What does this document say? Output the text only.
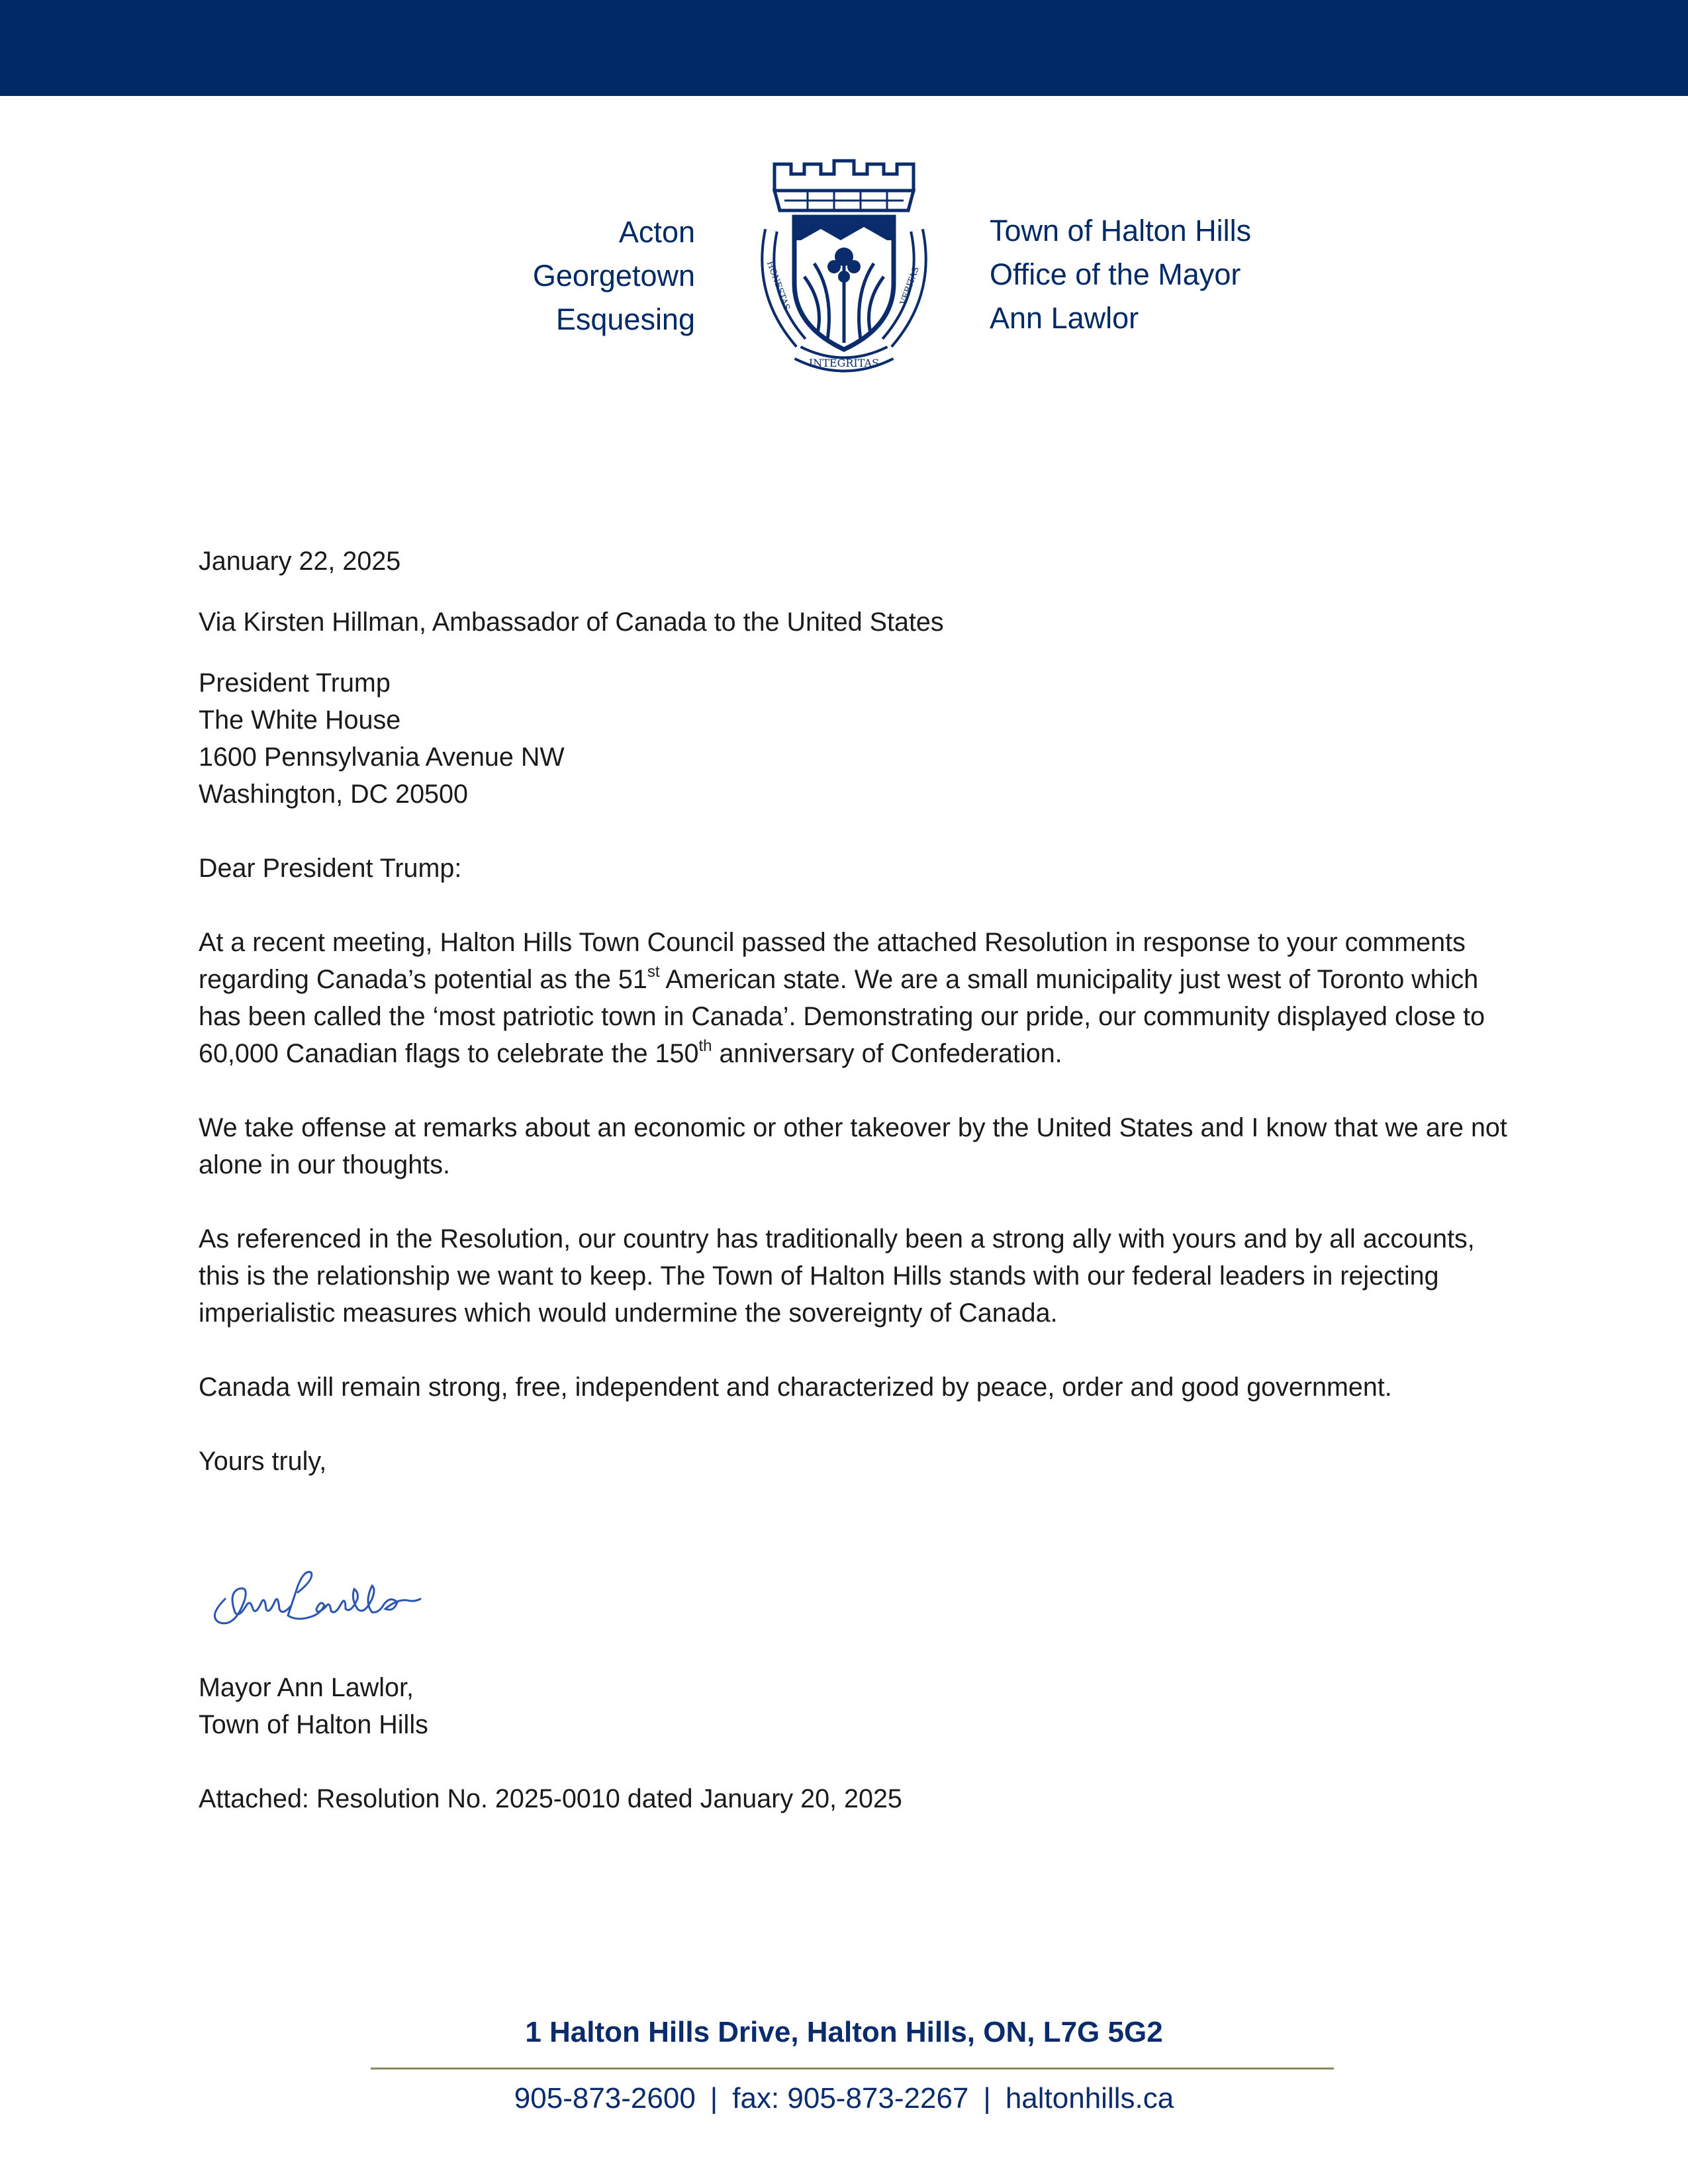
Acton
Georgetown
Esquesing
INTEGRITAS
HONESTAS	VERITAS
Town of Halton Hills
Office of the Mayor
Ann Lawlor

January 22, 2025

Via Kirsten Hillman, Ambassador of Canada to the United States

President Trump

The White House

1600 Pennsylvania Avenue NW

Washington, DC 20500

Dear President Trump:

At a recent meeting, Halton Hills Town Council passed the attached Resolution in response to your comments regarding Canada’s potential as the 51st American state. We are a small municipality just west of Toronto which has been called the ‘most patriotic town in Canada’. Demonstrating our pride, our community displayed close to 60,000 Canadian flags to celebrate the 150th anniversary of Confederation.

We take offense at remarks about an economic or other takeover by the United States and I know that we are not alone in our thoughts.

As referenced in the Resolution, our country has traditionally been a strong ally with yours and by all accounts, this is the relationship we want to keep. The Town of Halton Hills stands with our federal leaders in rejecting imperialistic measures which would undermine the sovereignty of Canada.

Canada will remain strong, free, independent and characterized by peace, order and good government.

Yours truly,

Mayor Ann Lawlor,

Town of Halton Hills

Attached: Resolution No. 2025-0010 dated January 20, 2025

1 Halton Hills Drive, Halton Hills, ON, L7G 5G2
905-873-2600 | fax: 905-873-2267 | haltonhills.ca
